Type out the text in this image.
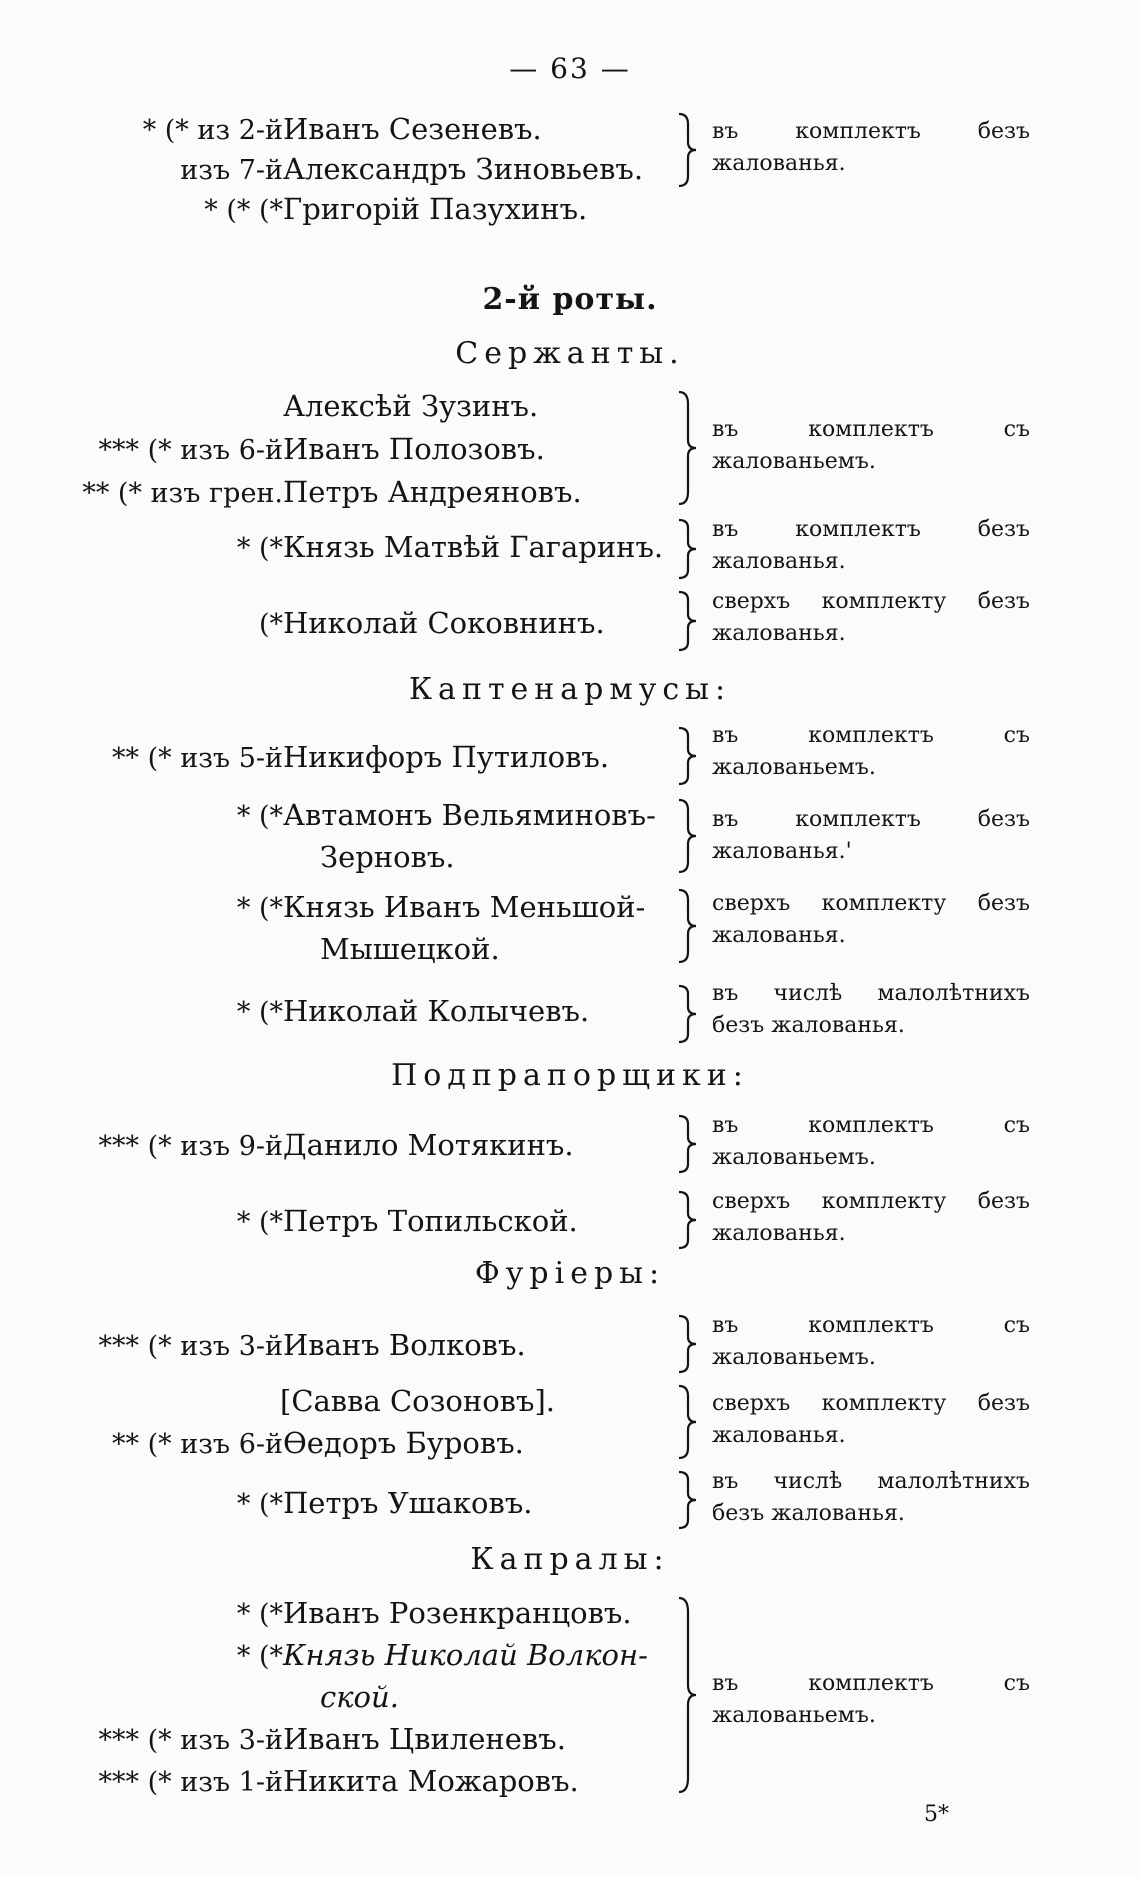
— 63 —
* (* из 2-й Иванъ Сезеневъ.
изъ 7-й Александръ Зиновьевъ.
* (* (* Григорій Пазухинъ.
въ комплектъ безъ жалованья.
2-й роты.
Сержанты.
Алексѣй Зузинъ.
*** (* изъ 6-й Иванъ Полозовъ.
** (* изъ грен. Петръ Андреяновъ.
въ комплектъ съ жалованьемъ.
* (* Князь Матвѣй Гагаринъ.
въ комплектъ безъ жалованья.
(* Николай Соковнинъ.
сверхъ комплекту безъ жалованья.
Каптенармусы:
** (* изъ 5-й Никифоръ Путиловъ.
въ комплектъ съ жалованьемъ.
* (* Автамонъ Вельяминовъ-
Зерновъ.
въ комплектъ безъ жалованья.'
* (* Князь Иванъ Меньшой-
Мышецкой.
сверхъ комплекту безъ жалованья.
* (* Николай Колычевъ.
въ числѣ малолѣтнихъ безъ жалованья.
Подпрапорщики:
*** (* изъ 9-й Данило Мотякинъ.
въ комплектъ съ жалованьемъ.
* (* Петръ Топильской.
сверхъ комплекту безъ жалованья.
Фуріеры:
*** (* изъ 3-й Иванъ Волковъ.
въ комплектъ съ жалованьемъ.
[Савва Созоновъ].
** (* изъ 6-й Ѳедоръ Буровъ.
сверхъ комплекту безъ жалованья.
* (* Петръ Ушаковъ.
въ числѣ малолѣтнихъ безъ жалованья.
Капралы:
* (* Иванъ Розенкранцовъ.
* (* Князь Николай Волкон-
ской.
*** (* изъ 3-й Иванъ Цвиленевъ.
*** (* изъ 1-й Никита Можаровъ.
въ комплектъ съ жалованьемъ.
5*
